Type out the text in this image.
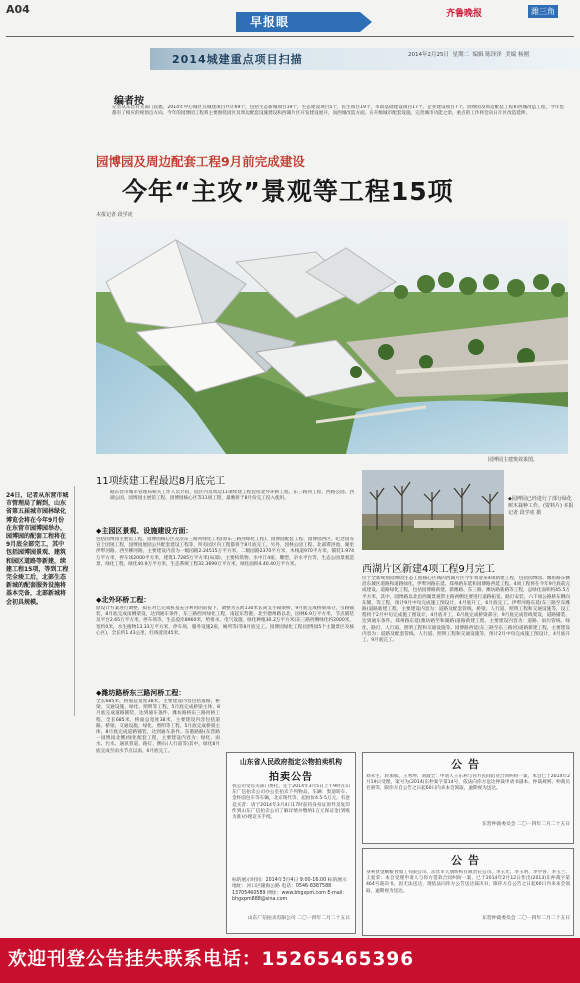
A04
早报眼
齐鲁晚报	潍三角
2014城建重点项目扫描	2014年2月25日 星期二 编辑 陈泽泽 美编 杨刚
编者按
记者从东营有关部门获悉，2014年中心城区点城建项目共计69个，包括生态新城项目19个，生态建设项目5个，民生项目19个，市政基础建设项目17个，企业建设项目7个。园博园及周边配套工程和西城改造工程，今年也都有了相应的规划点方向。今年的园博园工程将主要围绕园区及周边配套设施建设和西湖片区开发建设展开，而西城改造方面，在升级城市配套设施、完善城市功能之余，重点的工作将会向日片区改造延伸。
园博园及周边配套工程9月前完成建设
今年“主攻”景观等工程15项
本报记者 段学虎
园博园主建筑效果图。
24日，记者从东营市城市管理局了解到，山东省第五届城市园林绿化博览会将在今年9月份在东营市园博园举办，园博园的配套工程将在9月底全部完工，其中包括园博园景观、建筑和园区道路等新建，续建工程15项，等到工程完全竣工后，北部生态新城的配套服务设施将基本完备，北部新城将会初具规模。
11项续建工程最迟8月底完工
据东营市城市管理局相关工作人员介绍，园区内及周边11项续建工程包括北外环桥工程、东三路河工程、西路公园、西湖公园、园博园主展馆工程、园博园核心区等11项工程，最晚将于8月份完工投入使用。
◆主园区景观、设施建设方面：
包括园博园主展馆工程、园博园核心区及沿东三路河绿化工程(原东三路河绿化工程)、园博园配套工程、园博园西区、纪念园等宣士园项工程，园博园展园公共配套建设工程等，所有园区内工程都将于8月底完工。另外，园林公园工程、北部滞洪池、湖里伊犁河路、西至柳河路，主要建设内容为一级园路2.24515万平方米，二级园路2370平方米，木栈道970平方米，铺装1.974万平方米，停车场2000平方米，建筑1.7285万平方米(局部)，主要构筑物、水中汀4座、雕塑、亲水平台等，生态公园景观造景，绿化工程，绿化40.9万平方米，生态系统工程32.3699万平方米，绿化面积4.40.40万平方米。
◆北外环桥工程：
原设计方案进行调整，拟在对已完成桩基充分利用的前提下，调整为五跨130米长简支小箱梁桥，9月底完成桥梁部分，引路铺装，8月底完成南侧架设，达到通车条件，东三路西河绿化工程，南起东营港，北至德州路以北，园林6.9万平方米，节点铺装及平台2.65万平方米，停车场等，生态驳岸8960米，给排水，电气设施，绿化种植30.2万平方米(东三路西侧绿化约2000米，宽约0米，水生植物13.33万平方米，停车场，服务设施2座，厕所等)等8月底完工。园博园绿化工程(园博园5个主题景区及核心区)，全长约1.43公里，红线宽度45米。
◆潍坊路桥东三路河桥工程：
全长685米，桥面总宽度38米，主要建设内容包括道路、桥梁、交通设施、绿化、照明等工程，5月底完成桥梁主体，8月底完成道路铺装，达到通车条件。潍坊路桥东三路河桥工程，全长685米，桥面总宽度38米，主要建设内容包括道路、桥梁、交通设施、绿化、照明等工程，5月底完成桥梁主体，8月底完成道路铺装，达到通车条件。东港路路(东营路一园博园北侧)绿化配套工程，主要建设内容为：绿化、雨水、污水、通讯管道、路灯、侧石(人行道等)其中，绿化8月底完成至雨水节点以南，6月底完工。
◆园博园已经进行了部分绿化树木栽种工作。(资料片) 本报记者 段学虎 摄
西湖片区新建4项工程9月完工
位于全新规划园博园生态工程核心区域的西湖片区今年将迎来4项新建工程，包括园博园、潍坊路东侧沿东城区道路和道路绿化、伊犁河路东延、郑州路东延和园博路西延工程。4项工程将在今年9月底前完成建设。道路绿化工程，包括园博路新建、新潍路、东三路、潍坊路新路等工程，总绿化面积约45.5万平方米，其中，园博路以北沿西湖景观带主路两侧还要进行道路拓宽，路灯安装，六千项公路桥东侧向东铺，等工程，预计9月中旬完成施工图设计，4月底开工，6月底完工。伊犁河路东延(东三路至东潍路)道路新建工程，主要建设内容为：道路及配套管线、桥梁、人行道、照明工程和交通设施等，设工程将于2月中旬完成施工图设计，4月底开工，6月底完成桥梁部分，9月底完成管线架设，道路铺装，达到通车条件。郑州路东延(潍坊路至和湖路)道路新建工程，主要建设内容为：道路、雨污管线、绿化、路灯、人行道、照明工程和交通设施等。园博路西延(东三路至东三路河)道路新建工程，主要建设内容为：道路及配套管线、人行道、照明工程和交通设施等，预计2月中旬完成施工图设计，4月底开工，9月底完工。
山东省人民政府指定公物拍卖机构
拍卖公告
我公司受有关部门委托，定于2014年3月5日上午9时在山东广信拍卖公司办公室拍卖下列物品。车辆：奥迪轿车、金杯面包车等车辆，北京现代等，起拍价4.5-5万元。有意竞买者：请于2014年3月4日17时前持身份证原件及复印件到山东广信拍卖公司了解详情并缴纳1万元保证金(到账为准)办理竞买手续。
标的展示时间：2014年3月4日 9:00-16:00 标的展示地址：河口区隆海公路 电话：0546-8387588 13705460589 网址：www.bhgxpm.com E-mail：bhgxpm888@sina.com
山东广信拍卖有限公司 二〇一四年二月二十五日
公告
刘永生、蒋加加、王秀坤、刘淑全：申请人王东利与你方民间借贷合同纠纷一案，本会已于2014年2月19日受理，案号为(2014)东仲案字第14号，依法向你方送达仲裁申请书副本、仲裁规则、仲裁员名册等，限你方自公告之日起60日内来本会领取，逾期视为送达。
东营仲裁委员会 二〇一四年二月二十五日
公告
垦利县金顺粮食加工有限公司、东营市天朋纺织有限责任公司、李玉光、李玉明、李学喜、李玉兰、王爱荣：本会受理申请人与你方借款合同纠纷一案，已于2014年2月12日作出(2013)东仲裁字第464号裁决书，因无法送达，现依法向你方公告送达裁决书，限你方自公告之日起60日内来本会领取，逾期视为送达。
东营仲裁委员会 二〇一四年二月二十五日
欢迎刊登公告挂失联系电话：15265465396
